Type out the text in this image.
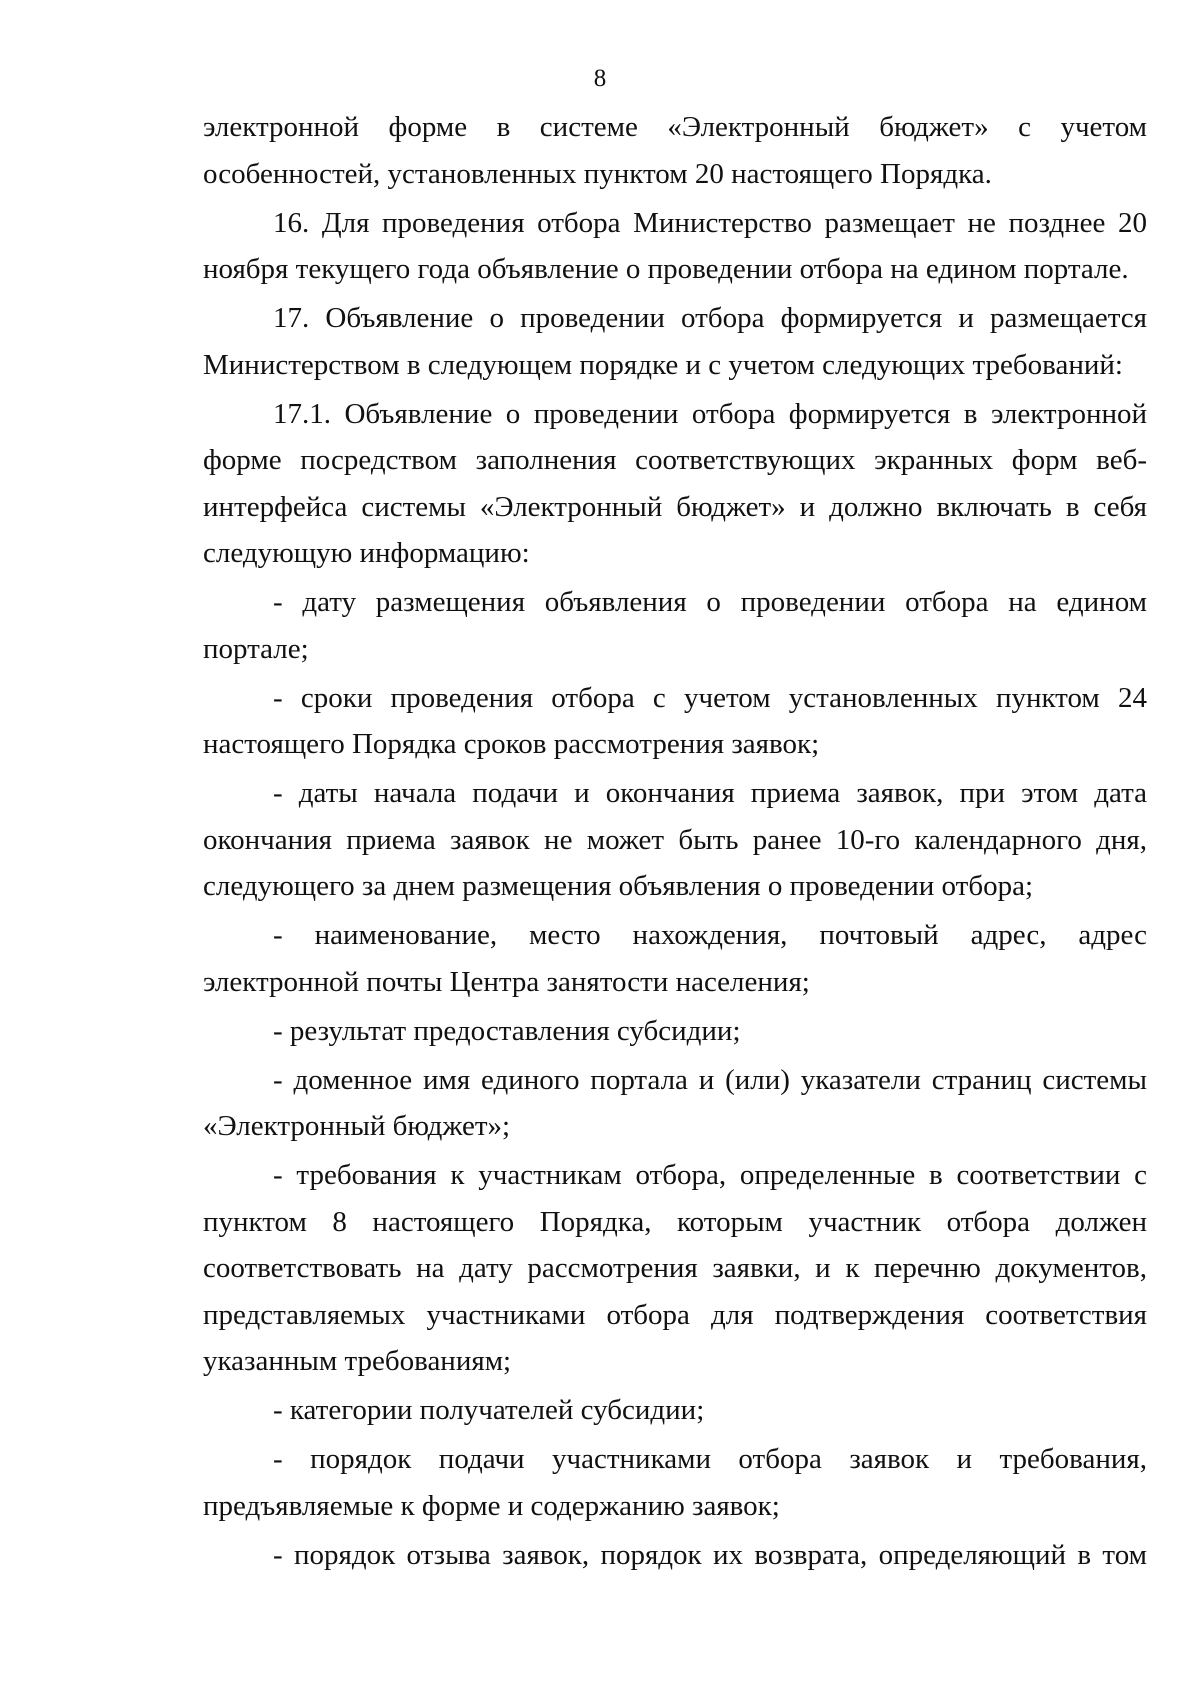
8

электронной форме в системе «Электронный бюджет» с учетом особенностей, установленных пунктом 20 настоящего Порядка.

16. Для проведения отбора Министерство размещает не позднее 20 ноября текущего года объявление о проведении отбора на едином портале.

17. Объявление о проведении отбора формируется и размещается Министерством в следующем порядке и с учетом следующих требований:

17.1. Объявление о проведении отбора формируется в электронной форме посредством заполнения соответствующих экранных форм веб-интерфейса системы «Электронный бюджет» и должно включать в себя следующую информацию:

- дату размещения объявления о проведении отбора на едином портале;

- сроки проведения отбора с учетом установленных пунктом 24 настоящего Порядка сроков рассмотрения заявок;

- даты начала подачи и окончания приема заявок, при этом дата окончания приема заявок не может быть ранее 10-го календарного дня, следующего за днем размещения объявления о проведении отбора;

- наименование, место нахождения, почтовый адрес, адрес электронной почты Центра занятости населения;

- результат предоставления субсидии;

- доменное имя единого портала и (или) указатели страниц системы «Электронный бюджет»;

- требования к участникам отбора, определенные в соответствии с пунктом 8 настоящего Порядка, которым участник отбора должен соответствовать на дату рассмотрения заявки, и к перечню документов, представляемых участниками отбора для подтверждения соответствия указанным требованиям;

- категории получателей субсидии;

- порядок подачи участниками отбора заявок и требования, предъявляемые к форме и содержанию заявок;

- порядок отзыва заявок, порядок их возврата, определяющий в том
